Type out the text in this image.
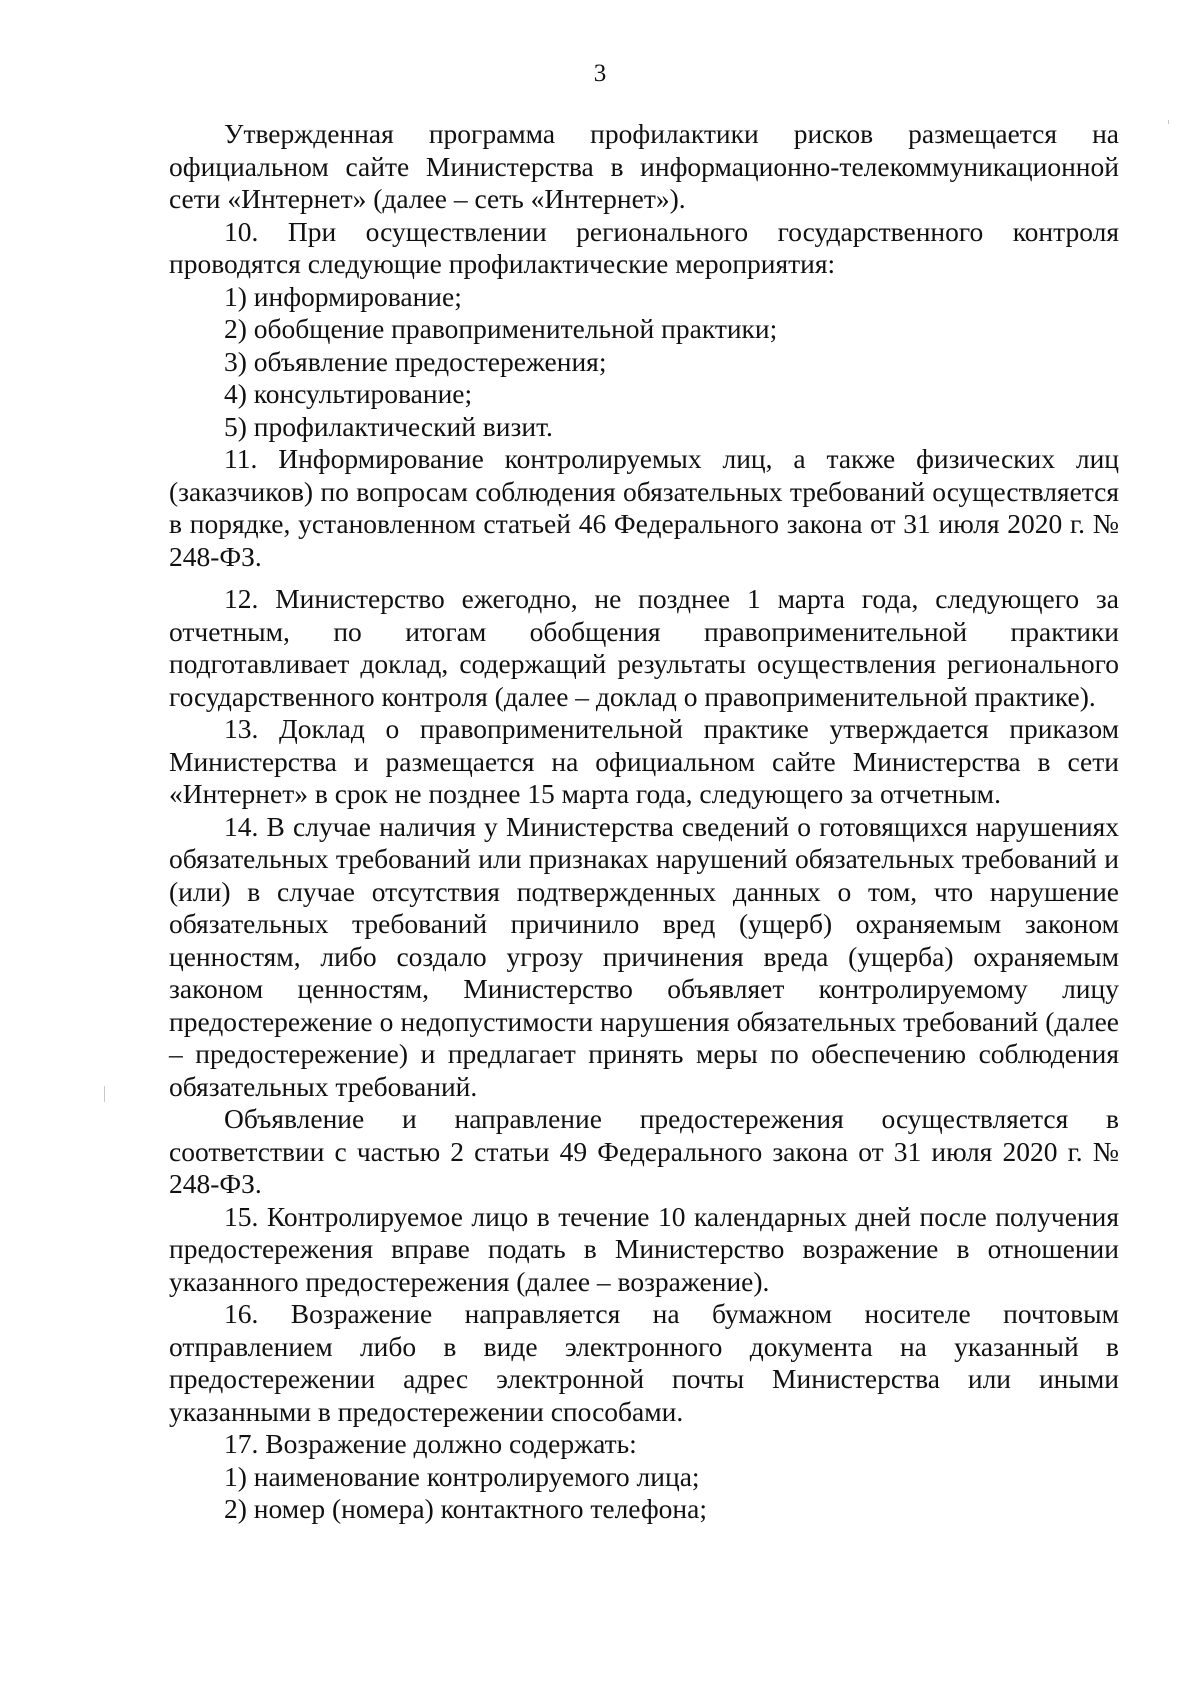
3

Утвержденная программа профилактики рисков размещается на официальном сайте Министерства в информационно-телекоммуникационной сети «Интернет» (далее – сеть «Интернет»).

10. При осуществлении регионального государственного контроля проводятся следующие профилактические мероприятия:

1) информирование;

2) обобщение правоприменительной практики;

3) объявление предостережения;

4) консультирование;

5) профилактический визит.

11. Информирование контролируемых лиц, а также физических лиц (заказчиков) по вопросам соблюдения обязательных требований осуществляется в порядке, установленном статьей 46 Федерального закона от 31 июля 2020 г. № 248-ФЗ.

12. Министерство ежегодно, не позднее 1 марта года, следующего за отчетным, по итогам обобщения правоприменительной практики подготавливает доклад, содержащий результаты осуществления регионального государственного контроля (далее – доклад о правоприменительной практике).

13. Доклад о правоприменительной практике утверждается приказом Министерства и размещается на официальном сайте Министерства в сети «Интернет» в срок не позднее 15 марта года, следующего за отчетным.

14. В случае наличия у Министерства сведений о готовящихся нарушениях обязательных требований или признаках нарушений обязательных требований и (или) в случае отсутствия подтвержденных данных о том, что нарушение обязательных требований причинило вред (ущерб) охраняемым законом ценностям, либо создало угрозу причинения вреда (ущерба) охраняемым законом ценностям, Министерство объявляет контролируемому лицу предостережение о недопустимости нарушения обязательных требований (далее – предостережение) и предлагает принять меры по обеспечению соблюдения обязательных требований.

Объявление и направление предостережения осуществляется в соответствии с частью 2 статьи 49 Федерального закона от 31 июля 2020 г. № 248-ФЗ.

15. Контролируемое лицо в течение 10 календарных дней после получения предостережения вправе подать в Министерство возражение в отношении указанного предостережения (далее – возражение).

16. Возражение направляется на бумажном носителе почтовым отправлением либо в виде электронного документа на указанный в предостережении адрес электронной почты Министерства или иными указанными в предостережении способами.

17. Возражение должно содержать:

1) наименование контролируемого лица;

2) номер (номера) контактного телефона;
